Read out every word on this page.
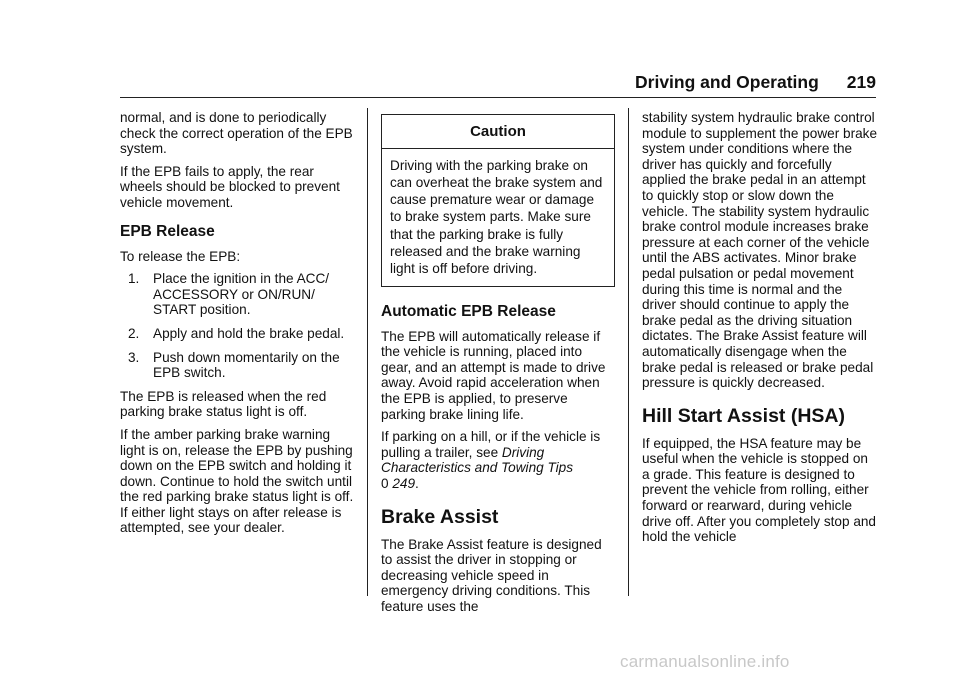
Driving and Operating 219

normal, and is done to periodically check the correct operation of the EPB system.

If the EPB fails to apply, the rear wheels should be blocked to prevent vehicle movement.

EPB Release

To release the EPB:

1. Place the ignition in the ACC/ ACCESSORY or ON/RUN/ START position.
2. Apply and hold the brake pedal.
3. Push down momentarily on the EPB switch.

The EPB is released when the red parking brake status light is off.

If the amber parking brake warning light is on, release the EPB by pushing down on the EPB switch and holding it down. Continue to hold the switch until the red parking brake status light is off. If either light stays on after release is attempted, see your dealer.

Caution
Driving with the parking brake on can overheat the brake system and cause premature wear or damage to brake system parts. Make sure that the parking brake is fully released and the brake warning light is off before driving.
Automatic EPB Release

The EPB will automatically release if the vehicle is running, placed into gear, and an attempt is made to drive away. Avoid rapid acceleration when the EPB is applied, to preserve parking brake lining life.

If parking on a hill, or if the vehicle is pulling a trailer, see Driving Characteristics and Towing Tips
0 249.

Brake Assist

The Brake Assist feature is designed to assist the driver in stopping or decreasing vehicle speed in emergency driving conditions. This feature uses the

stability system hydraulic brake control module to supplement the power brake system under conditions where the driver has quickly and forcefully applied the brake pedal in an attempt to quickly stop or slow down the vehicle. The stability system hydraulic brake control module increases brake pressure at each corner of the vehicle until the ABS activates. Minor brake pedal pulsation or pedal movement during this time is normal and the driver should continue to apply the brake pedal as the driving situation dictates. The Brake Assist feature will automatically disengage when the brake pedal is released or brake pedal pressure is quickly decreased.

Hill Start Assist (HSA)

If equipped, the HSA feature may be useful when the vehicle is stopped on a grade. This feature is designed to prevent the vehicle from rolling, either forward or rearward, during vehicle drive off. After you completely stop and hold the vehicle

carmanualsonline.info
